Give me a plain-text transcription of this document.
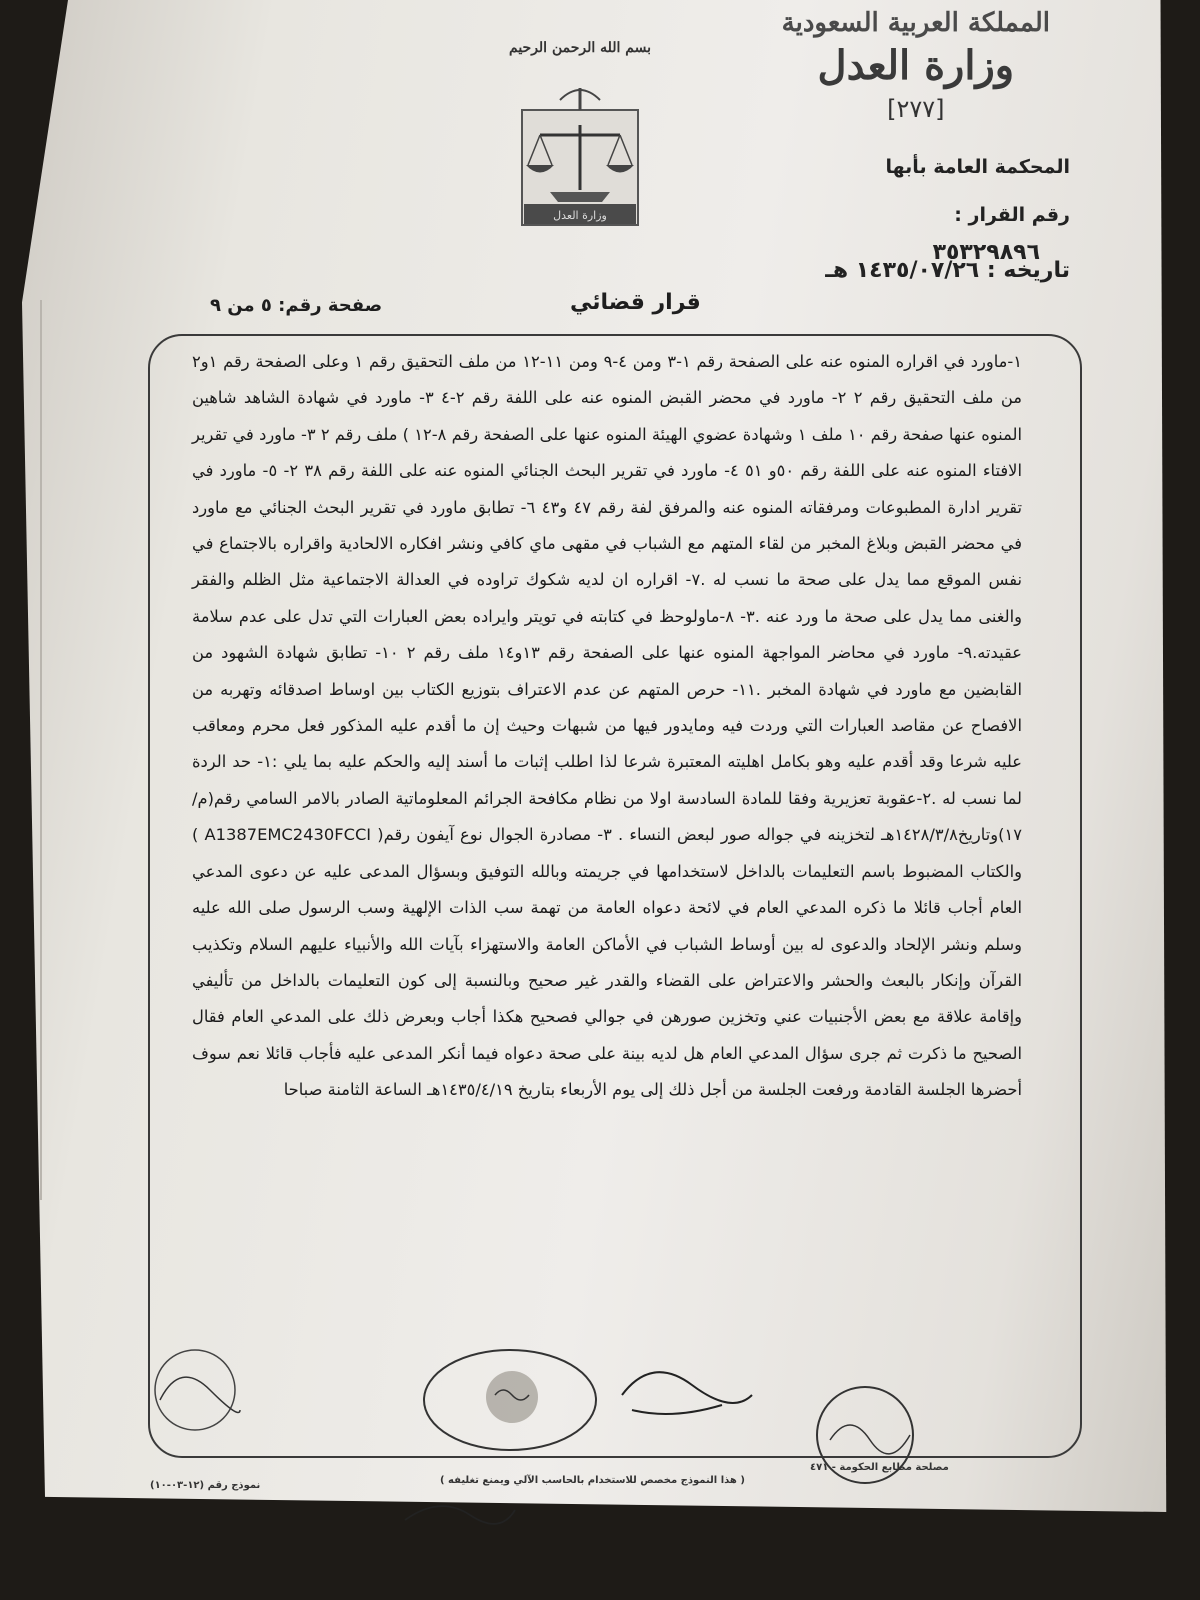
المملكة العربية السعودية
وزارة العدل
[٢٧٧]
بسم الله الرحمن الرحيم
وزارة العدل
المحكمة العامة بأبها
رقم القرار :
٣٥٣٢٩٨٩٦
تاريخه : ١٤٣٥/٠٧/٢٦ هـ
قرار قضائي
صفحة رقم: ٥ من ٩
١-ماورد في اقراره المنوه عنه على الصفحة رقم ١-٣ ومن ٤-٩ ومن ١١-١٢ من ملف التحقيق رقم ١ وعلى الصفحة رقم ١و٢ من ملف التحقيق رقم ٢ ٢- ماورد في محضر القبض المنوه عنه على اللفة رقم ٢-٤ ٣- ماورد في شهادة الشاهد شاهين المنوه عنها صفحة رقم ١٠ ملف ١ وشهادة عضوي الهيئة المنوه عنها على الصفحة رقم ٨-١٢ ) ملف رقم ٢ ٣- ماورد في تقرير الافتاء المنوه عنه على اللفة رقم ٥٠و ٥١ ٤- ماورد في تقرير البحث الجنائي المنوه عنه على اللفة رقم ٣٨ ٢- ٥- ماورد في تقرير ادارة المطبوعات ومرفقاته المنوه عنه والمرفق لفة رقم ٤٧ و٤٣ ٦- تطابق ماورد في تقرير البحث الجنائي مع ماورد في محضر القبض وبلاغ المخبر من لقاء المتهم مع الشباب في مقهى ماي كافي ونشر افكاره الالحادية واقراره بالاجتماع في نفس الموقع مما يدل على صحة ما نسب له .٧- اقراره ان لديه شكوك تراوده في العدالة الاجتماعية مثل الظلم والفقر والغنى مما يدل على صحة ما ورد عنه .٣- ٨-ماولوحظ في كتابته في تويتر وايراده بعض العبارات التي تدل على عدم سلامة عقيدته.٩- ماورد في محاضر المواجهة المنوه عنها على الصفحة رقم ١٣و١٤ ملف رقم ٢ ١٠- تطابق شهادة الشهود من القابضين مع ماورد في شهادة المخبر .١١- حرص المتهم عن عدم الاعتراف بتوزيع الكتاب بين اوساط اصدقائه وتهربه من الافصاح عن مقاصد العبارات التي وردت فيه ومايدور فيها من شبهات وحيث إن ما أقدم عليه المذكور فعل محرم ومعاقب عليه شرعا وقد أقدم عليه وهو بكامل اهليته المعتبرة شرعا لذا اطلب إثبات ما أسند إليه والحكم عليه بما يلي :١- حد الردة لما نسب له .٢-عقوبة تعزيرية وفقا للمادة السادسة اولا من نظام مكافحة الجرائم المعلوماتية الصادر بالامر السامي رقم(م/١٧)وتاريخ١٤٢٨/٣/٨هـ لتخزينه في جواله صور لبعض النساء . ٣- مصادرة الجوال نوع آيفون رقم( A1387EMC2430FCCI ) والكتاب المضبوط باسم التعليمات بالداخل لاستخدامها في جريمته وبالله التوفيق وبسؤال المدعى عليه عن دعوى المدعي العام أجاب قائلا ما ذكره المدعي العام في لائحة دعواه العامة من تهمة سب الذات الإلهية وسب الرسول صلى الله عليه وسلم ونشر الإلحاد والدعوى له بين أوساط الشباب في الأماكن العامة والاستهزاء بآيات الله والأنبياء عليهم السلام وتكذيب القرآن وإنكار بالبعث والحشر والاعتراض على القضاء والقدر غير صحيح وبالنسبة إلى كون التعليمات بالداخل من تأليفي وإقامة علاقة مع بعض الأجنبيات عني وتخزين صورهن في جوالي فصحيح هكذا أجاب وبعرض ذلك على المدعي العام فقال الصحيح ما ذكرت ثم جرى سؤال المدعي العام هل لديه بينة على صحة دعواه فيما أنكر المدعى عليه فأجاب قائلا نعم سوف أحضرها الجلسة القادمة ورفعت الجلسة من أجل ذلك إلى يوم الأربعاء بتاريخ ١٤٣٥/٤/١٩هـ الساعة الثامنة صباحا
مصلحة مطابع الحكومة - ٤٧١
( هذا النموذج مخصص للاستخدام بالحاسب الآلي ويمنع تغليفه )
نموذج رقم (١٢-٠٣-١٠)
